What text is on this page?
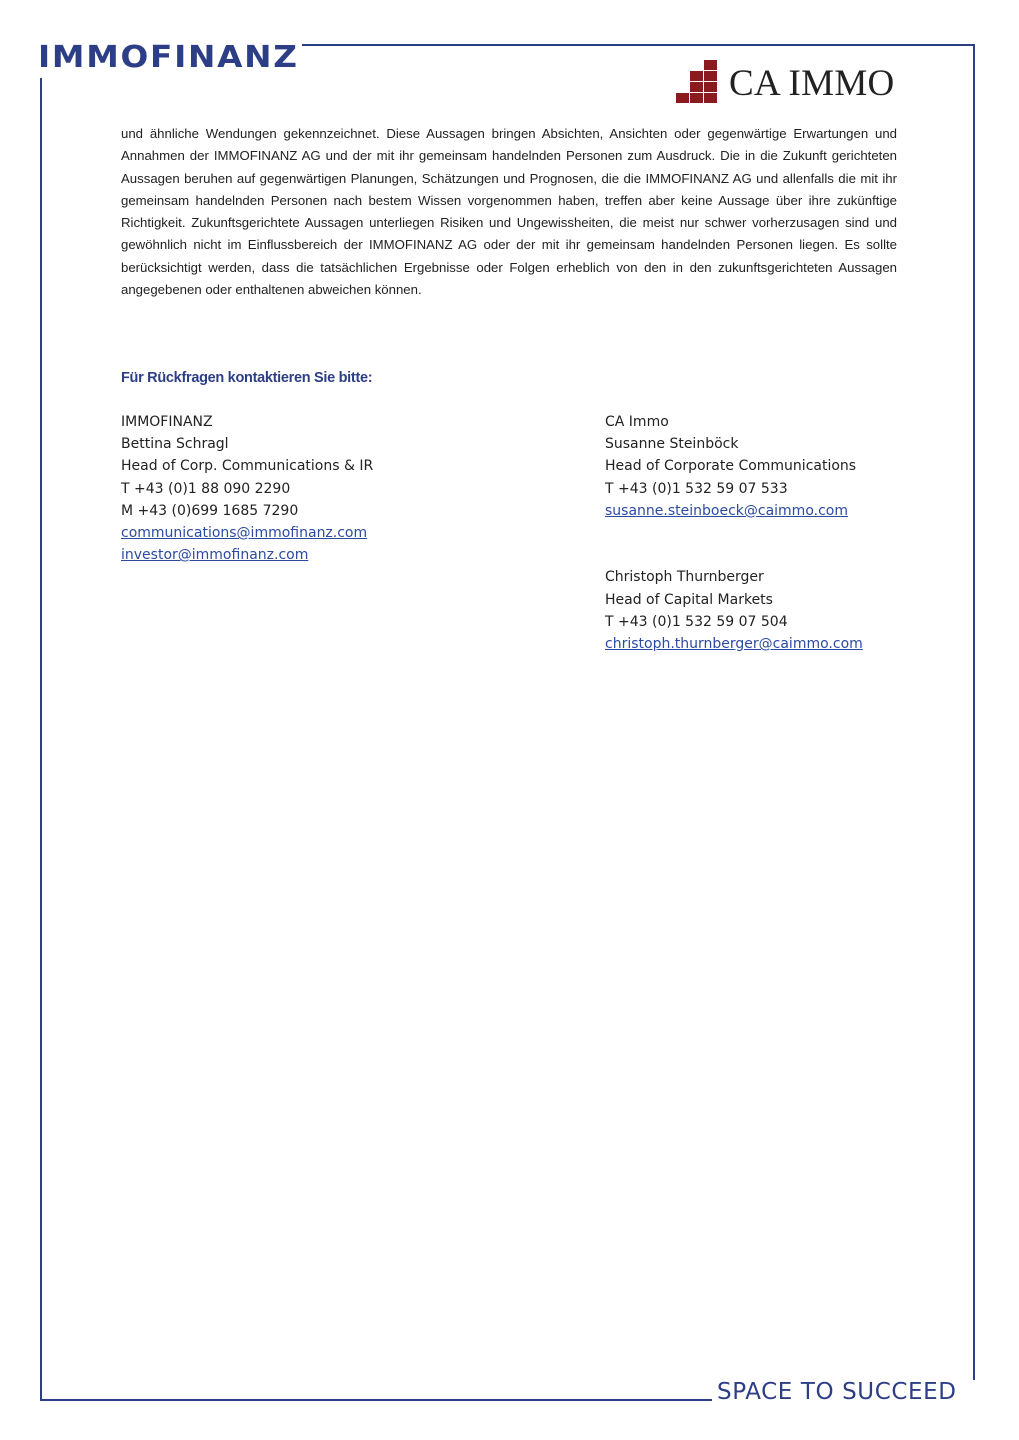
IMMOFINANZ
CA IMMO

und ähnliche Wendungen gekennzeichnet. Diese Aussagen bringen Absichten, Ansichten oder gegenwärtige Erwartungen und Annahmen der IMMOFINANZ AG und der mit ihr gemeinsam handelnden Personen zum Ausdruck. Die in die Zukunft gerichteten Aussagen beruhen auf gegenwärtigen Planungen, Schätzungen und Prognosen, die die IMMOFINANZ AG und allenfalls die mit ihr gemeinsam handelnden Personen nach bestem Wissen vorgenommen haben, treffen aber keine Aussage über ihre zukünftige Richtigkeit. Zukunftsgerichtete Aussagen unterliegen Risiken und Ungewissheiten, die meist nur schwer vorherzusagen sind und gewöhnlich nicht im Einflussbereich der IMMOFINANZ AG oder der mit ihr gemeinsam handelnden Personen liegen. Es sollte berücksichtigt werden, dass die tatsächlichen Ergebnisse oder Folgen erheblich von den in den zukunftsgerichteten Aussagen angegebenen oder enthaltenen abweichen können.

Für Rückfragen kontaktieren Sie bitte:
IMMOFINANZ
Bettina Schragl
Head of Corp. Communications & IR
T +43 (0)1 88 090 2290
M +43 (0)699 1685 7290
communications@immofinanz.com
investor@immofinanz.com
CA Immo
Susanne Steinböck
Head of Corporate Communications
T +43 (0)1 532 59 07 533
susanne.steinboeck@caimmo.com
Christoph Thurnberger
Head of Capital Markets
T +43 (0)1 532 59 07 504
christoph.thurnberger@caimmo.com

SPACE TO SUCCEED
